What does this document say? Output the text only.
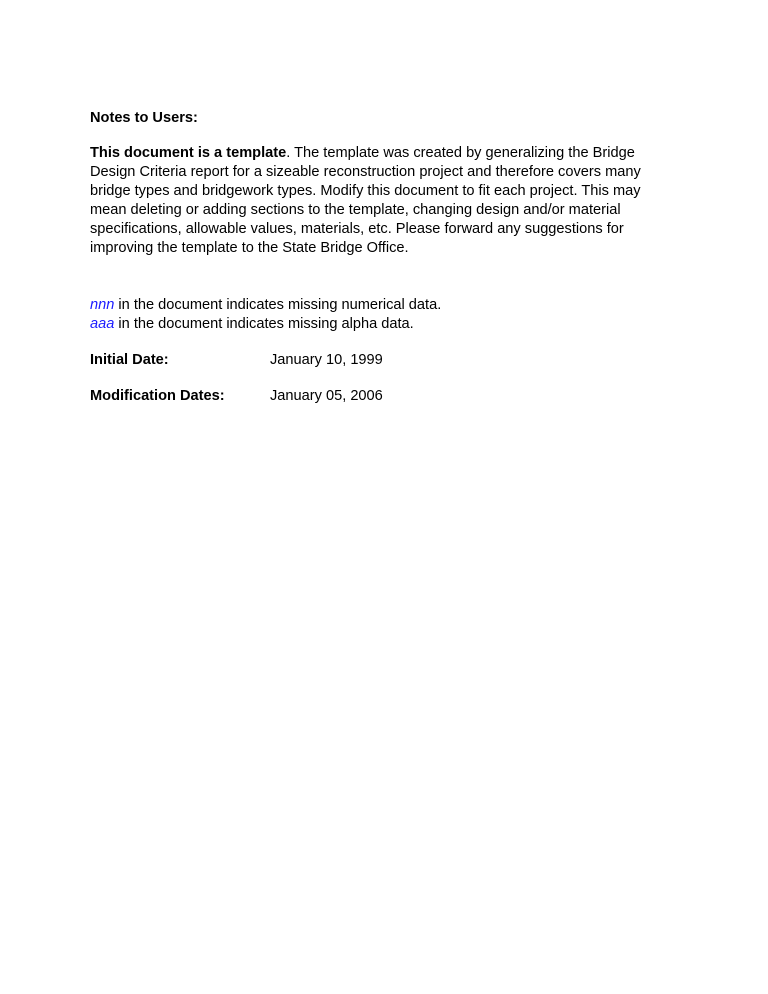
Notes to Users:

This document is a template. The template was created by generalizing the Bridge Design Criteria report for a sizeable reconstruction project and therefore covers many bridge types and bridgework types. Modify this document to fit each project. This may mean deleting or adding sections to the template, changing design and/or material specifications, allowable values, materials, etc. Please forward any suggestions for improving the template to the State Bridge Office.

nnn in the document indicates missing numerical data.

aaa in the document indicates missing alpha data.

Initial Date:	January 10, 1999
Modification Dates:	January 05, 2006
